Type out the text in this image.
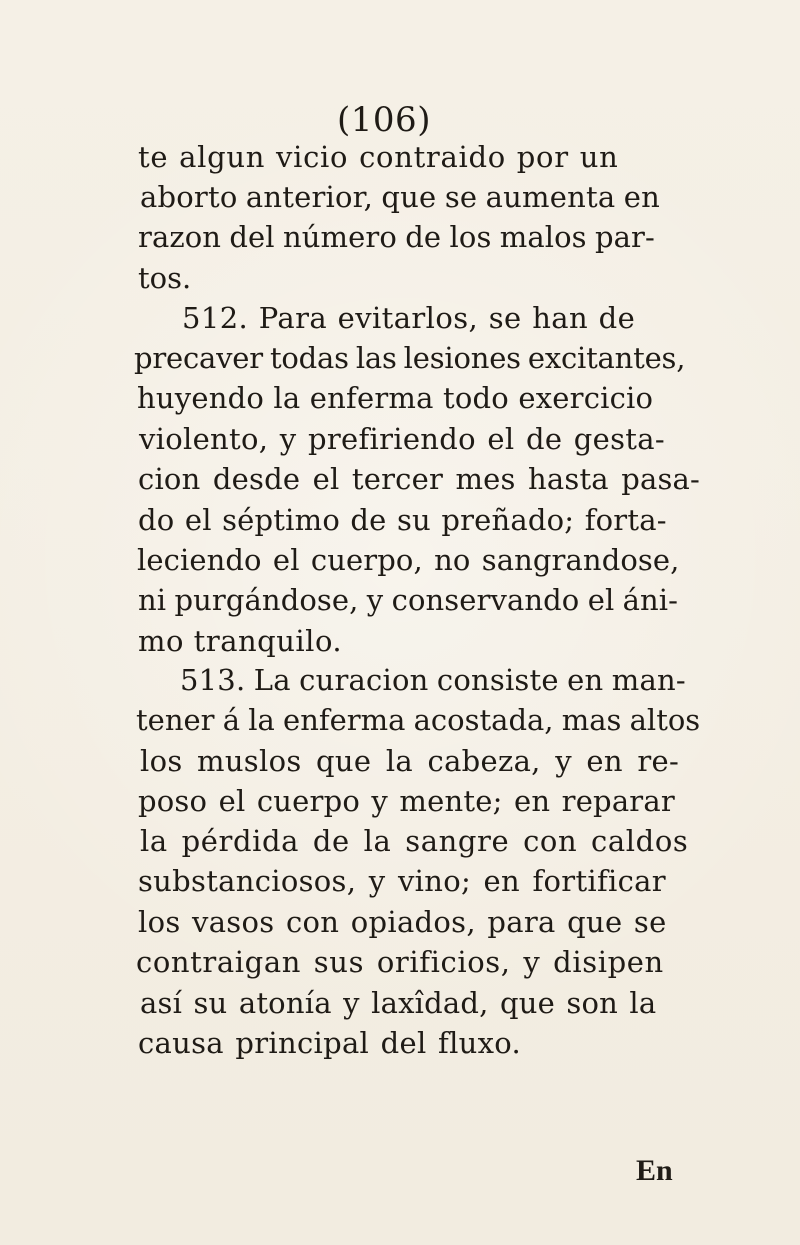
(106)
te algun vicio contraido por un
aborto anterior, que se aumenta en
razon del número de los malos par-
tos.
512. Para evitarlos, se han de
precaver todas las lesiones excitantes,
huyendo la enferma todo exercicio
violento, y prefiriendo el de gesta-
cion desde el tercer mes hasta pasa-
do el séptimo de su preñado; forta-
leciendo el cuerpo, no sangrandose,
ni purgándose, y conservando el áni-
mo tranquilo.
513. La curacion consiste en man-
tener á la enferma acostada, mas altos
los muslos que la cabeza, y en re-
poso el cuerpo y mente; en reparar
la pérdida de la sangre con caldos
substanciosos, y vino; en fortificar
los vasos con opiados, para que se
contraigan sus orificios, y disipen
así su atonía y laxîdad, que son la
causa principal del fluxo.
En
